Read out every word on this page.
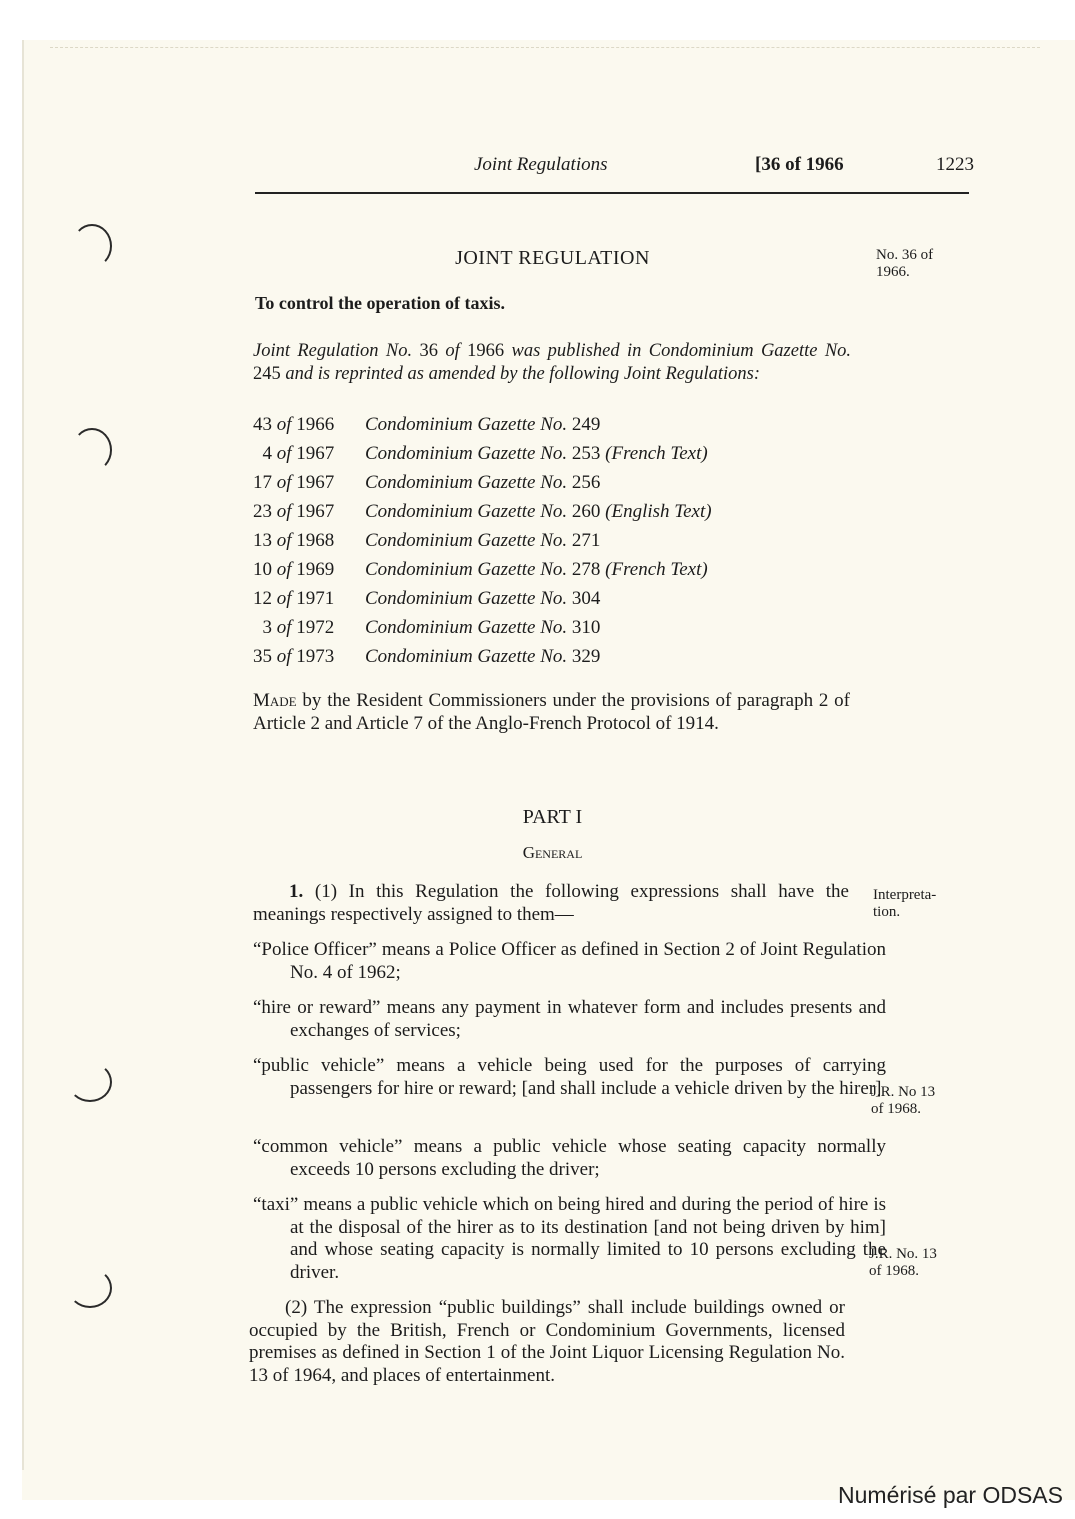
Joint Regulations	[36 of 1966	1223
JOINT REGULATION	No. 36 of
1966.
To control the operation of taxis.
Joint Regulation No. 36 of 1966 was published in Condominium Gazette No. 245 and is reprinted as amended by the following Joint Regulations:
43 of 1966 Condominium Gazette No. 249
4 of 1967 Condominium Gazette No. 253 (French Text)
17 of 1967 Condominium Gazette No. 256
23 of 1967 Condominium Gazette No. 260 (English Text)
13 of 1968 Condominium Gazette No. 271
10 of 1969 Condominium Gazette No. 278 (French Text)
12 of 1971 Condominium Gazette No. 304
3 of 1972 Condominium Gazette No. 310
35 of 1973 Condominium Gazette No. 329
Made by the Resident Commissioners under the provisions of paragraph 2 of Article 2 and Article 7 of the Anglo-French Protocol of 1914.
PART I
General
1. (1) In this Regulation the following expressions shall have the meanings respectively assigned to them—
Interpreta-
tion.
“Police Officer” means a Police Officer as defined in Section 2 of Joint Regulation No. 4 of 1962;
“hire or reward” means any payment in whatever form and includes presents and exchanges of services;
“public vehicle” means a vehicle being used for the purposes of carrying passengers for hire or reward; [and shall include a vehicle driven by the hirer]
J.R. No 13
of 1968.
“common vehicle” means a public vehicle whose seating capacity normally exceeds 10 persons excluding the driver;
“taxi” means a public vehicle which on being hired and during the period of hire is at the disposal of the hirer as to its destination [and not being driven by him] and whose seating capacity is normally limited to 10 persons excluding the driver.
J.R. No. 13
of 1968.
(2) The expression “public buildings” shall include buildings owned or occupied by the British, French or Condominium Governments, licensed premises as defined in Section 1 of the Joint Liquor Licensing Regulation No. 13 of 1964, and places of entertainment.
Numérisé par ODSAS
